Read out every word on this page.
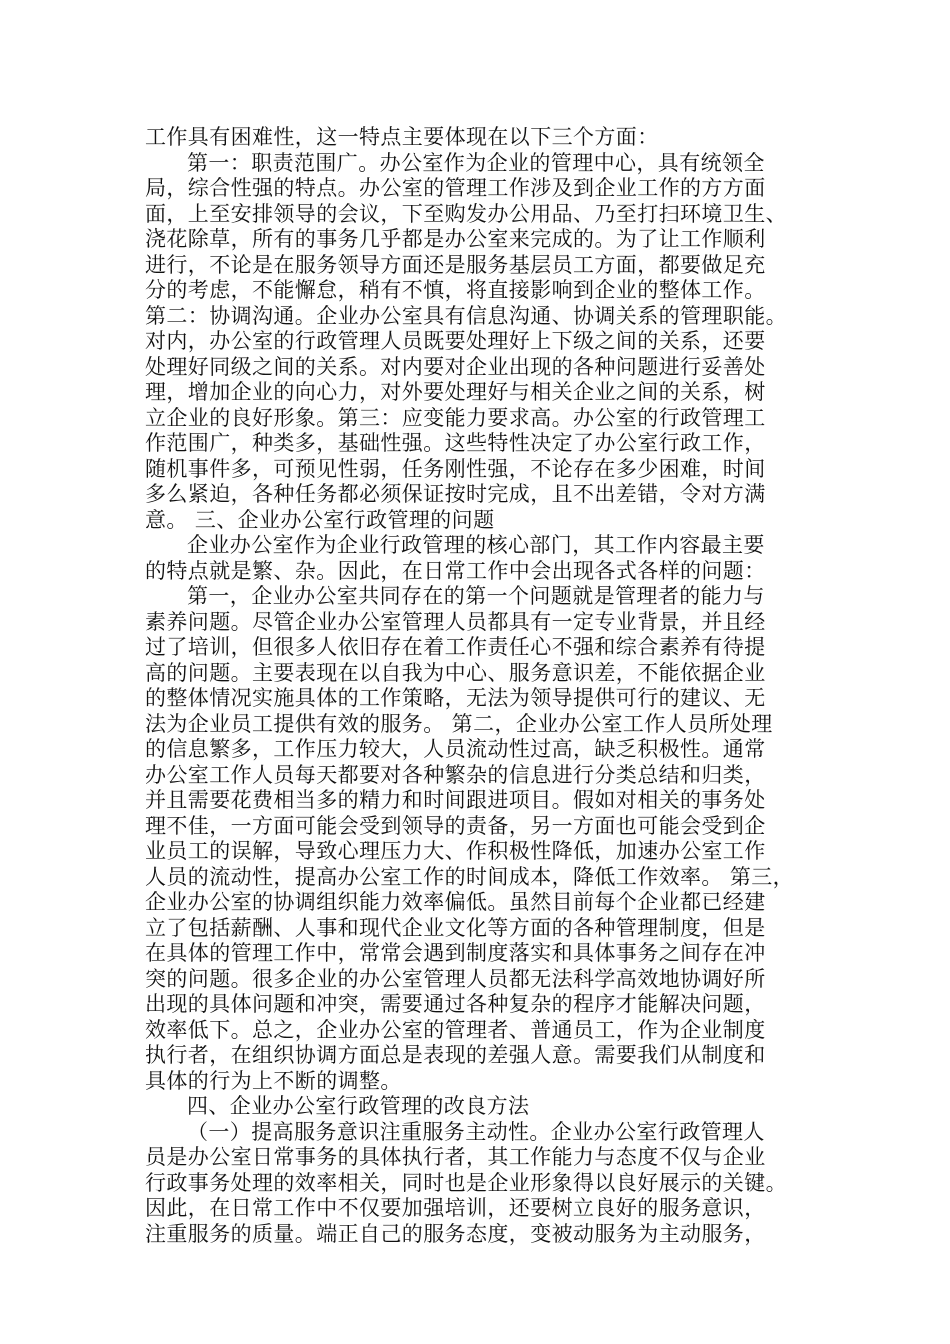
工作具有困难性，这一特点主要体现在以下三个方面：
第一：职责范围广。办公室作为企业的管理中心，具有统领全
局，综合性强的特点。办公室的管理工作涉及到企业工作的方方面
面，上至安排领导的会议，下至购发办公用品、乃至打扫环境卫生、
浇花除草，所有的事务几乎都是办公室来完成的。为了让工作顺利
进行，不论是在服务领导方面还是服务基层员工方面，都要做足充
分的考虑，不能懈怠，稍有不慎，将直接影响到企业的整体工作。
第二：协调沟通。企业办公室具有信息沟通、协调关系的管理职能。
对内，办公室的行政管理人员既要处理好上下级之间的关系，还要
处理好同级之间的关系。对内要对企业出现的各种问题进行妥善处
理，增加企业的向心力，对外要处理好与相关企业之间的关系，树
立企业的良好形象。第三：应变能力要求高。办公室的行政管理工
作范围广，种类多，基础性强。这些特性决定了办公室行政工作，
随机事件多，可预见性弱，任务刚性强，不论存在多少困难，时间
多么紧迫，各种任务都必须保证按时完成，且不出差错，令对方满
意。 三、企业办公室行政管理的问题
企业办公室作为企业行政管理的核心部门，其工作内容最主要
的特点就是繁、杂。因此，在日常工作中会出现各式各样的问题：
第一，企业办公室共同存在的第一个问题就是管理者的能力与
素养问题。尽管企业办公室管理人员都具有一定专业背景，并且经
过了培训，但很多人依旧存在着工作责任心不强和综合素养有待提
高的问题。主要表现在以自我为中心、服务意识差，不能依据企业
的整体情况实施具体的工作策略，无法为领导提供可行的建议、无
法为企业员工提供有效的服务。 第二，企业办公室工作人员所处理
的信息繁多，工作压力较大，人员流动性过高，缺乏积极性。通常
办公室工作人员每天都要对各种繁杂的信息进行分类总结和归类，
并且需要花费相当多的精力和时间跟进项目。假如对相关的事务处
理不佳，一方面可能会受到领导的责备，另一方面也可能会受到企
业员工的误解，导致心理压力大、作积极性降低，加速办公室工作
人员的流动性，提高办公室工作的时间成本，降低工作效率。 第三，
企业办公室的协调组织能力效率偏低。虽然目前每个企业都已经建
立了包括薪酬、人事和现代企业文化等方面的各种管理制度，但是
在具体的管理工作中，常常会遇到制度落实和具体事务之间存在冲
突的问题。很多企业的办公室管理人员都无法科学高效地协调好所
出现的具体问题和冲突，需要通过各种复杂的程序才能解决问题，
效率低下。总之，企业办公室的管理者、普通员工，作为企业制度
执行者，在组织协调方面总是表现的差强人意。需要我们从制度和
具体的行为上不断的调整。
四、企业办公室行政管理的改良方法
（一）提高服务意识注重服务主动性。企业办公室行政管理人
员是办公室日常事务的具体执行者，其工作能力与态度不仅与企业
行政事务处理的效率相关，同时也是企业形象得以良好展示的关键。
因此，在日常工作中不仅要加强培训，还要树立良好的服务意识，
注重服务的质量。端正自己的服务态度，变被动服务为主动服务，
